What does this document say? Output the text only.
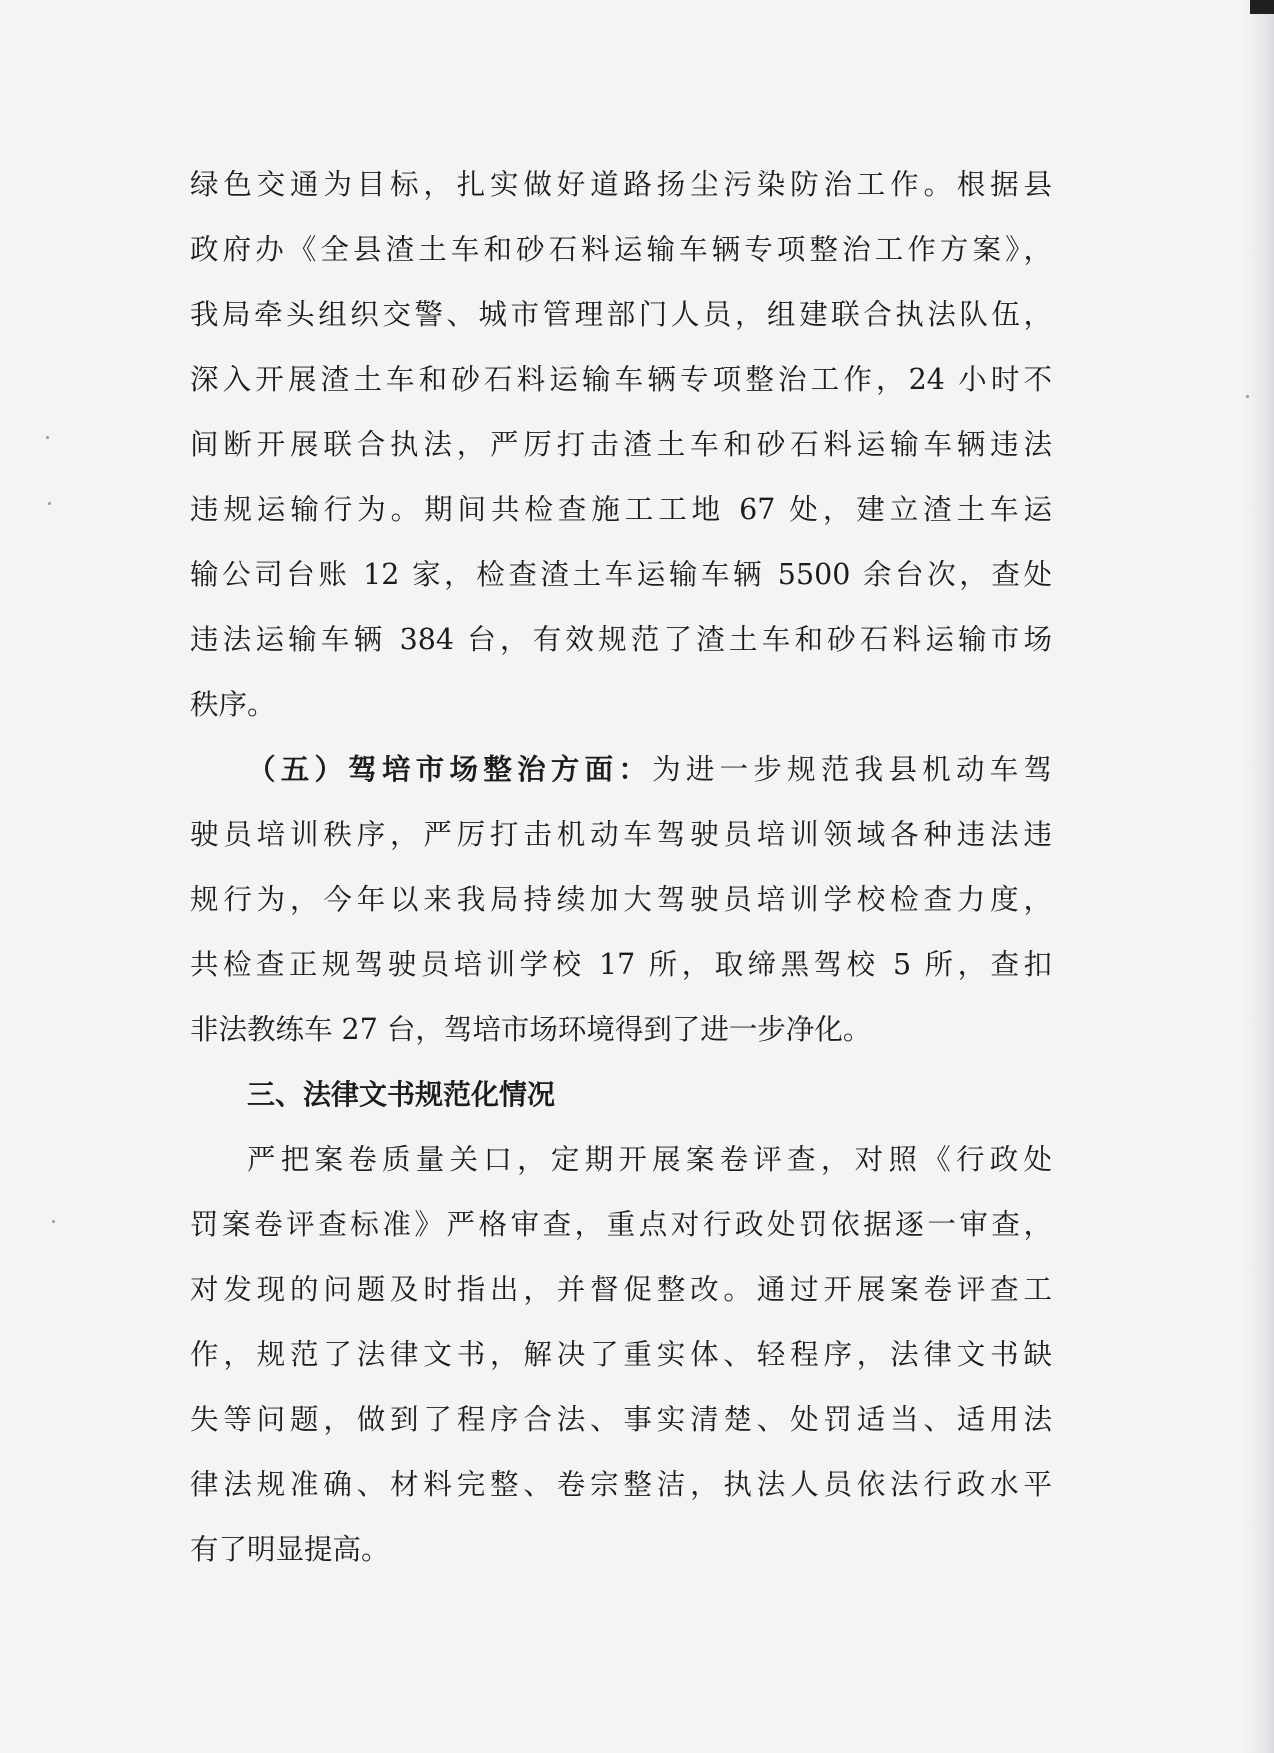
绿色交通为目标，扎实做好道路扬尘污染防治工作。根据县
政府办《全县渣土车和砂石料运输车辆专项整治工作方案》，
我局牵头组织交警、城市管理部门人员，组建联合执法队伍，
深入开展渣土车和砂石料运输车辆专项整治工作，24 小时不
间断开展联合执法，严厉打击渣土车和砂石料运输车辆违法
违规运输行为。期间共检查施工工地 67 处，建立渣土车运
输公司台账 12 家，检查渣土车运输车辆 5500 余台次，查处
违法运输车辆 384 台，有效规范了渣土车和砂石料运输市场
秩序。
（五）驾培市场整治方面：为进一步规范我县机动车驾
驶员培训秩序，严厉打击机动车驾驶员培训领域各种违法违
规行为，今年以来我局持续加大驾驶员培训学校检查力度，
共检查正规驾驶员培训学校 17 所，取缔黑驾校 5 所，查扣
非法教练车 27 台，驾培市场环境得到了进一步净化。
三、法律文书规范化情况
严把案卷质量关口，定期开展案卷评查，对照《行政处
罚案卷评查标准》严格审查，重点对行政处罚依据逐一审查，
对发现的问题及时指出，并督促整改。通过开展案卷评查工
作，规范了法律文书，解决了重实体、轻程序，法律文书缺
失等问题，做到了程序合法、事实清楚、处罚适当、适用法
律法规准确、材料完整、卷宗整洁，执法人员依法行政水平
有了明显提高。
